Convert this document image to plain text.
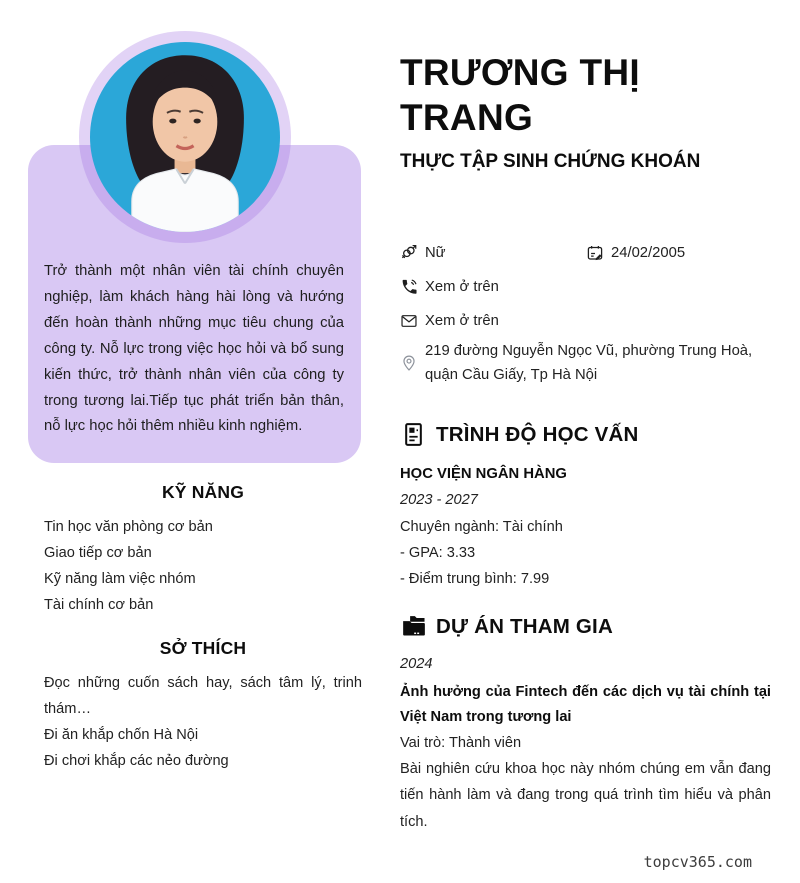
Trở thành một nhân viên tài chính chuyên nghiệp, làm khách hàng hài lòng và hướng đến hoàn thành những mục tiêu chung của công ty. Nỗ lực trong việc học hỏi và bổ sung kiến thức, trở thành nhân viên của công ty trong tương lai.Tiếp tục phát triển bản thân, nỗ lực học hỏi thêm nhiều kinh nghiệm.

KỸ NĂNG
Tin học văn phòng cơ bản
Giao tiếp cơ bản
Kỹ năng làm việc nhóm
Tài chính cơ bản
SỞ THÍCH
Đọc những cuốn sách hay, sách tâm lý, trinh thám…
Đi ăn khắp chốn Hà Nội
Đi chơi khắp các nẻo đường
TRƯƠNG THỊ TRANG
THỰC TẬP SINH CHỨNG KHOÁN
Nữ	24/02/2005
Xem ở trên
Xem ở trên
219 đường Nguyễn Ngọc Vũ, phường Trung Hoà, quận Cầu Giấy, Tp Hà Nội
TRÌNH ĐỘ HỌC VẤN
HỌC VIỆN NGÂN HÀNG
2023 - 2027
Chuyên ngành: Tài chính
- GPA: 3.33
- Điểm trung bình: 7.99
DỰ ÁN THAM GIA
2024
Ảnh hưởng của Fintech đến các dịch vụ tài chính tại Việt Nam trong tương lai
Vai trò: Thành viên
Bài nghiên cứu khoa học này nhóm chúng em vẫn đang tiến hành làm và đang trong quá trình tìm hiểu và phân tích.
topcv365.com
